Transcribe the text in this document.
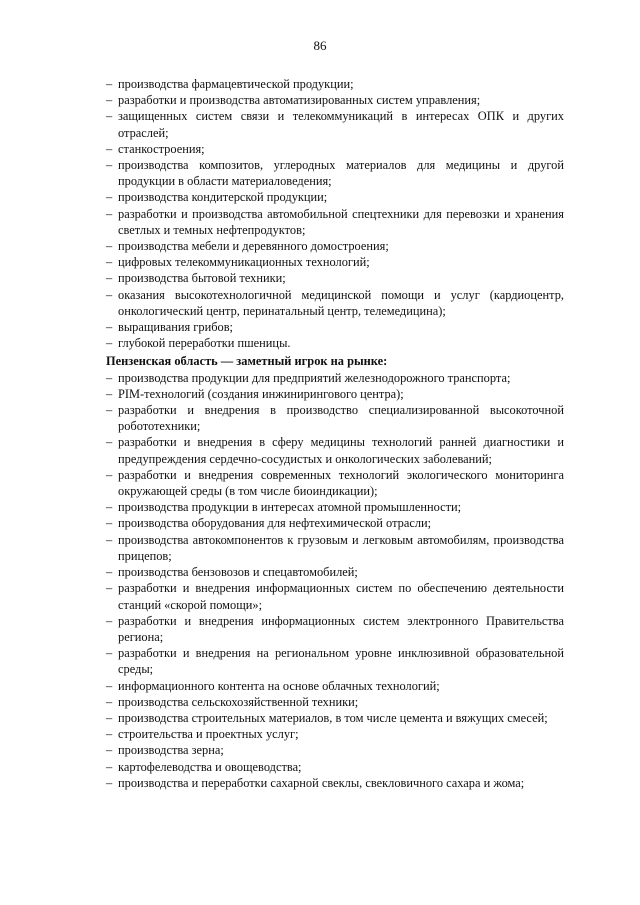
86
– производства фармацевтической продукции;
– разработки и производства автоматизированных систем управления;
– защищенных систем связи и телекоммуникаций в интересах ОПК и других отраслей;
– станкостроения;
– производства композитов, углеродных материалов для медицины и другой продукции в области материаловедения;
– производства кондитерской продукции;
– разработки и производства автомобильной спецтехники для перевозки и хранения светлых и темных нефтепродуктов;
– производства мебели и деревянного домостроения;
– цифровых телекоммуникационных технологий;
– производства бытовой техники;
– оказания высокотехнологичной медицинской помощи и услуг (кардиоцентр, онкологический центр, перинатальный центр, телемедицина);
– выращивания грибов;
– глубокой переработки пшеницы.

Пензенская область — заметный игрок на рынке:

– производства продукции для предприятий железнодорожного транспорта;
– PIM-технологий (создания инжинирингового центра);
– разработки и внедрения в производство специализированной высокоточной робототехники;
– разработки и внедрения в сферу медицины технологий ранней диагностики и предупреждения сердечно-сосудистых и онкологических заболеваний;
– разработки и внедрения современных технологий экологического мониторинга окружающей среды (в том числе биоиндикации);
– производства продукции в интересах атомной промышленности;
– производства оборудования для нефтехимической отрасли;
– производства автокомпонентов к грузовым и легковым автомобилям, производства прицепов;
– производства бензовозов и спецавтомобилей;
– разработки и внедрения информационных систем по обеспечению деятельности станций «скорой помощи»;
– разработки и внедрения информационных систем электронного Правительства региона;
– разработки и внедрения на региональном уровне инклюзивной образовательной среды;
– информационного контента на основе облачных технологий;
– производства сельскохозяйственной техники;
– производства строительных материалов, в том числе цемента и вяжущих смесей;
– строительства и проектных услуг;
– производства зерна;
– картофелеводства и овощеводства;
– производства и переработки сахарной свеклы, свекловичного сахара и жома;
